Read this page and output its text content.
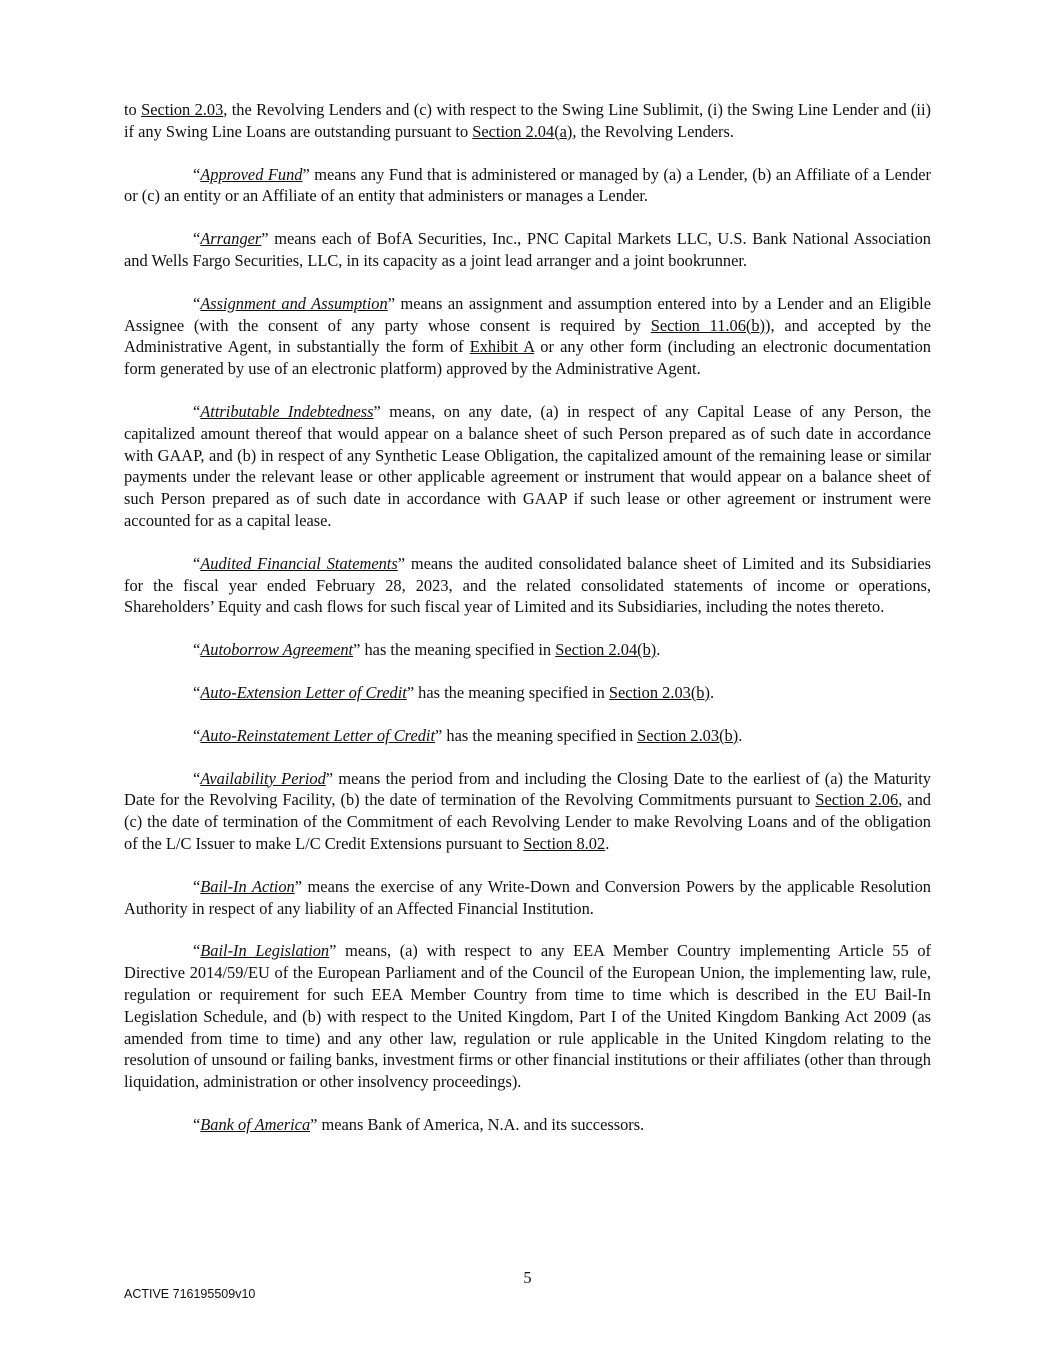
to Section 2.03, the Revolving Lenders and (c) with respect to the Swing Line Sublimit, (i) the Swing Line Lender and (ii) if any Swing Line Loans are outstanding pursuant to Section 2.04(a), the Revolving Lenders.

“Approved Fund” means any Fund that is administered or managed by (a) a Lender, (b) an Affiliate of a Lender or (c) an entity or an Affiliate of an entity that administers or manages a Lender.

“Arranger” means each of BofA Securities, Inc., PNC Capital Markets LLC, U.S. Bank National Association and Wells Fargo Securities, LLC, in its capacity as a joint lead arranger and a joint bookrunner.

“Assignment and Assumption” means an assignment and assumption entered into by a Lender and an Eligible Assignee (with the consent of any party whose consent is required by Section 11.06(b)), and accepted by the Administrative Agent, in substantially the form of Exhibit A or any other form (including an electronic documentation form generated by use of an electronic platform) approved by the Administrative Agent.

“Attributable Indebtedness” means, on any date, (a) in respect of any Capital Lease of any Person, the capitalized amount thereof that would appear on a balance sheet of such Person prepared as of such date in accordance with GAAP, and (b) in respect of any Synthetic Lease Obligation, the capitalized amount of the remaining lease or similar payments under the relevant lease or other applicable agreement or instrument that would appear on a balance sheet of such Person prepared as of such date in accordance with GAAP if such lease or other agreement or instrument were accounted for as a capital lease.

“Audited Financial Statements” means the audited consolidated balance sheet of Limited and its Subsidiaries for the fiscal year ended February 28, 2023, and the related consolidated statements of income or operations, Shareholders’ Equity and cash flows for such fiscal year of Limited and its Subsidiaries, including the notes thereto.

“Autoborrow Agreement” has the meaning specified in Section 2.04(b).

“Auto-Extension Letter of Credit” has the meaning specified in Section 2.03(b).

“Auto-Reinstatement Letter of Credit” has the meaning specified in Section 2.03(b).

“Availability Period” means the period from and including the Closing Date to the earliest of (a) the Maturity Date for the Revolving Facility, (b) the date of termination of the Revolving Commitments pursuant to Section 2.06, and (c) the date of termination of the Commitment of each Revolving Lender to make Revolving Loans and of the obligation of the L/C Issuer to make L/C Credit Extensions pursuant to Section 8.02.

“Bail-In Action” means the exercise of any Write-Down and Conversion Powers by the applicable Resolution Authority in respect of any liability of an Affected Financial Institution.

“Bail-In Legislation” means, (a) with respect to any EEA Member Country implementing Article 55 of Directive 2014/59/EU of the European Parliament and of the Council of the European Union, the implementing law, rule, regulation or requirement for such EEA Member Country from time to time which is described in the EU Bail-In Legislation Schedule, and (b) with respect to the United Kingdom, Part I of the United Kingdom Banking Act 2009 (as amended from time to time) and any other law, regulation or rule applicable in the United Kingdom relating to the resolution of unsound or failing banks, investment firms or other financial institutions or their affiliates (other than through liquidation, administration or other insolvency proceedings).

“Bank of America” means Bank of America, N.A. and its successors.

5
ACTIVE 716195509v10
